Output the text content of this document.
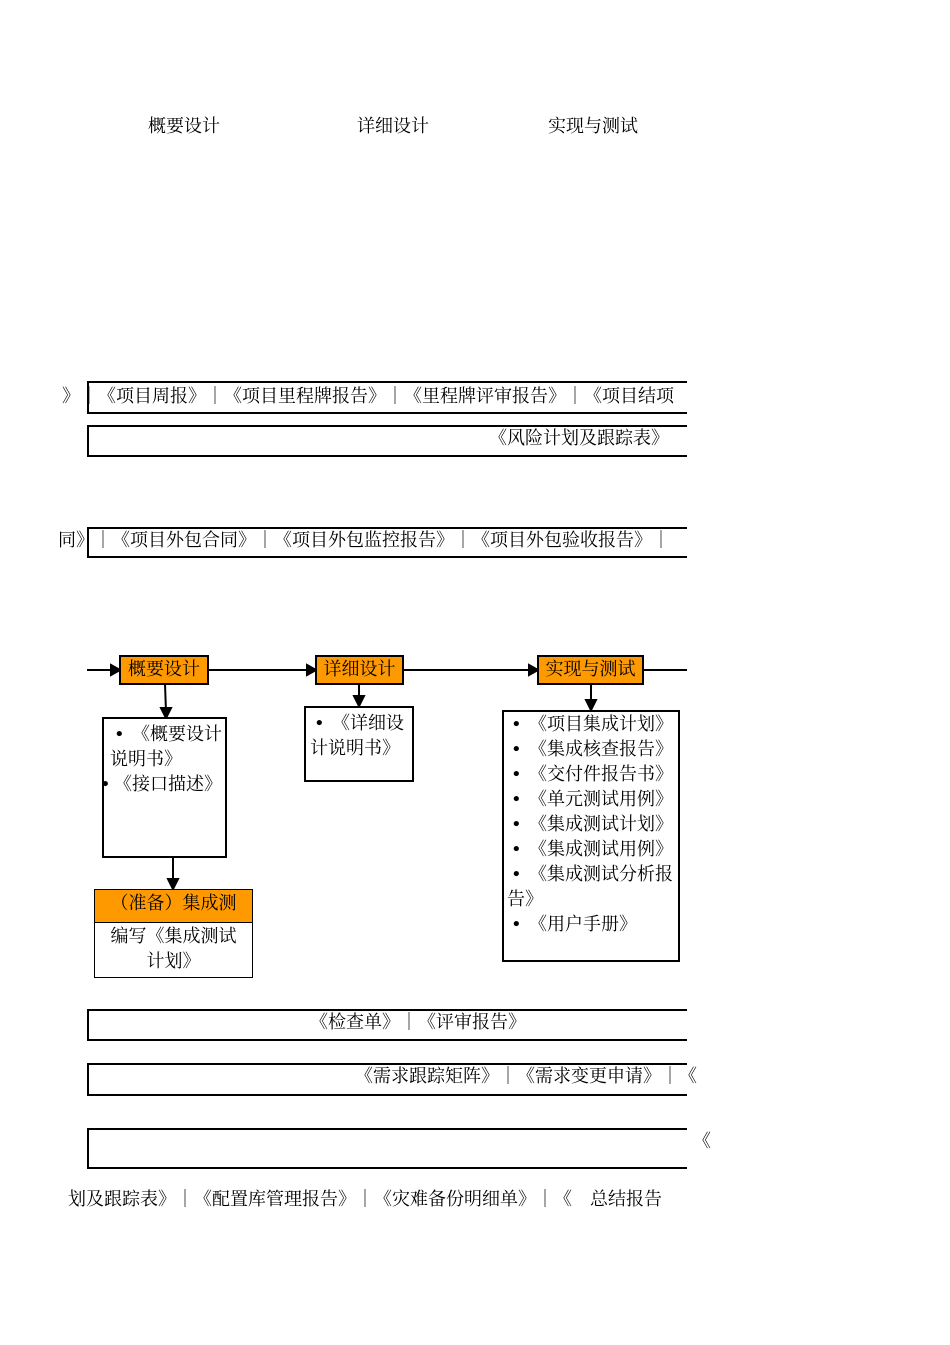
概要设计	详细设计	实现与测试
》｜《项目周报》｜《项目里程牌报告》｜《里程牌评审报告》｜《项目结项
《风险计划及跟踪表》
同》｜《项目外包合同》｜《项目外包监控报告》｜《项目外包验收报告》｜
概要设计	详细设计	实现与测试
• 《概要设计
说明书》
• 《接口描述》
• 《详细设
计说明书》
• 《项目集成计划》
• 《集成核查报告》
• 《交付件报告书》
• 《单元测试用例》
• 《集成测试计划》
• 《集成测试用例》
• 《集成测试分析报
告》
• 《用户手册》
（准备）集成测
编写《集成测试
计划》
《检查单》｜《评审报告》
《需求跟踪矩阵》｜《需求变更申请》｜《
《
划及跟踪表》｜《配置库管理报告》｜《灾难备份明细单》｜《　总结报告
